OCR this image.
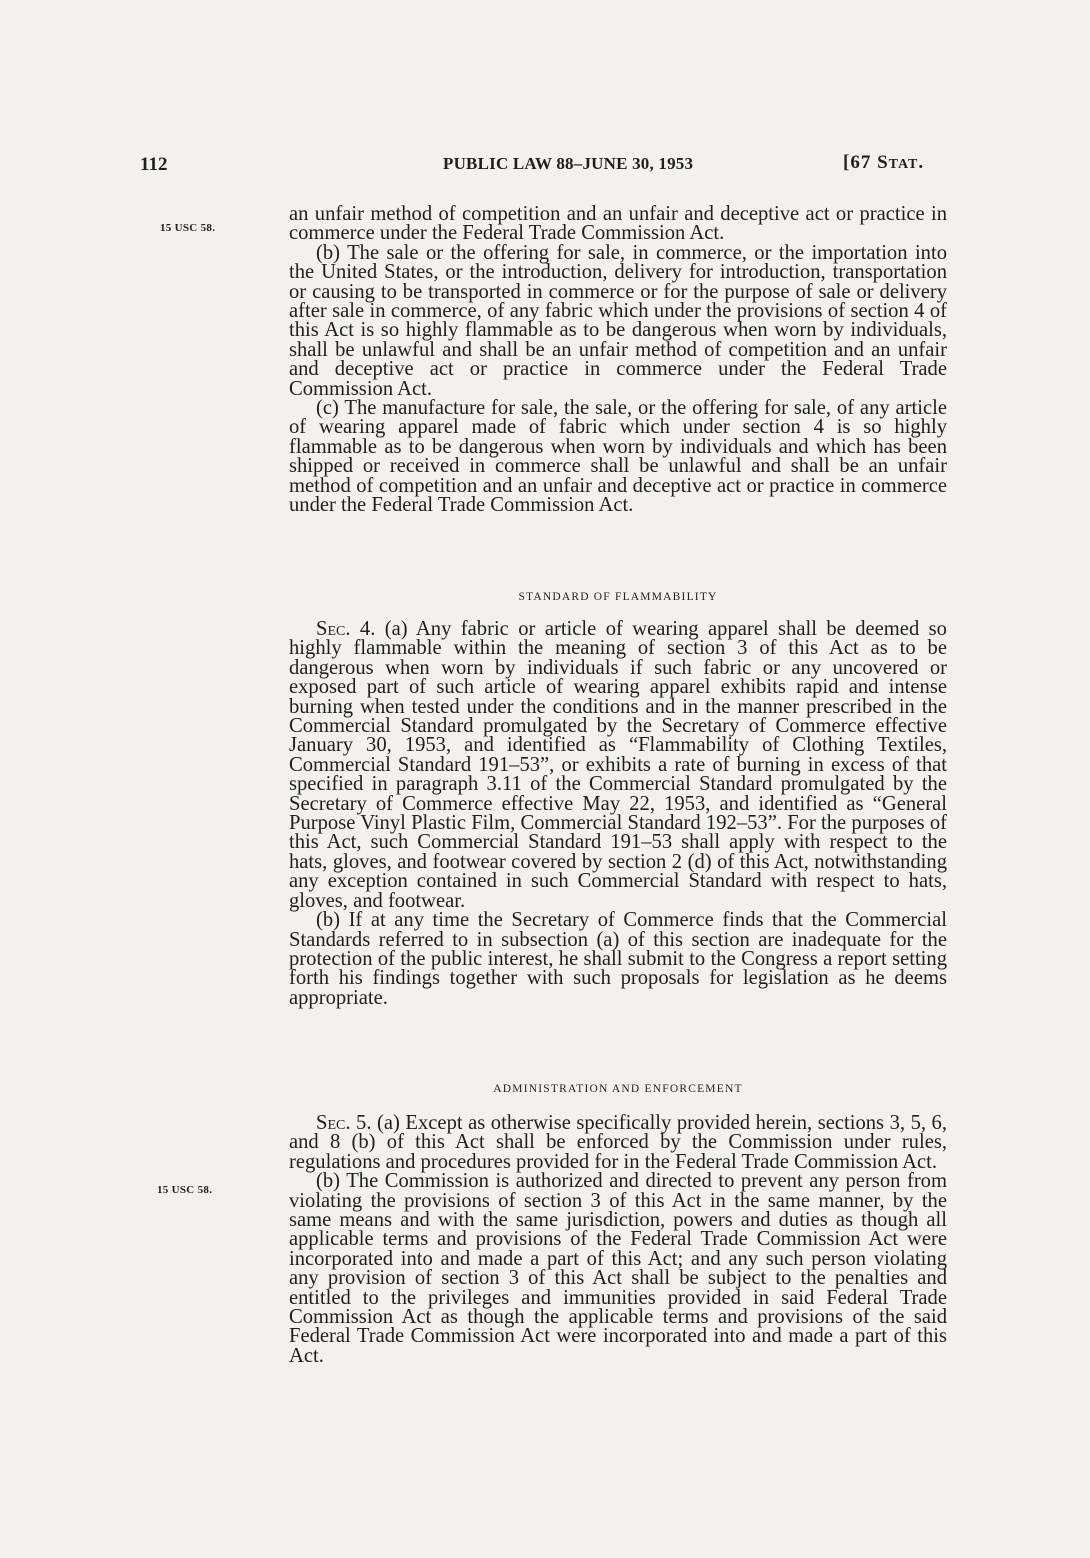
112	PUBLIC LAW 88–JUNE 30, 1953	[67 STAT.
15 USC 58.
15 USC 58.

an unfair method of competition and an unfair and deceptive act or practice in commerce under the Federal Trade Commission Act.

(b) The sale or the offering for sale, in commerce, or the importation into the United States, or the introduction, delivery for introduction, transportation or causing to be transported in commerce or for the purpose of sale or delivery after sale in commerce, of any fabric which under the provisions of section 4 of this Act is so highly flammable as to be dangerous when worn by individuals, shall be unlawful and shall be an unfair method of competition and an unfair and deceptive act or practice in commerce under the Federal Trade Commission Act.

(c) The manufacture for sale, the sale, or the offering for sale, of any article of wearing apparel made of fabric which under section 4 is so highly flammable as to be dangerous when worn by individuals and which has been shipped or received in commerce shall be unlawful and shall be an unfair method of competition and an unfair and deceptive act or practice in commerce under the Federal Trade Commission Act.

STANDARD OF FLAMMABILITY

Sec. 4. (a) Any fabric or article of wearing apparel shall be deemed so highly flammable within the meaning of section 3 of this Act as to be dangerous when worn by individuals if such fabric or any uncovered or exposed part of such article of wearing apparel exhibits rapid and intense burning when tested under the conditions and in the manner prescribed in the Commercial Standard promulgated by the Secretary of Commerce effective January 30, 1953, and identified as “Flammability of Clothing Textiles, Commercial Standard 191–53”, or exhibits a rate of burning in excess of that specified in paragraph 3.11 of the Commercial Standard promulgated by the Secretary of Commerce effective May 22, 1953, and identified as “General Purpose Vinyl Plastic Film, Commercial Standard 192–53”. For the purposes of this Act, such Commercial Standard 191–53 shall apply with respect to the hats, gloves, and footwear covered by section 2 (d) of this Act, notwithstanding any exception contained in such Commercial Standard with respect to hats, gloves, and footwear.

(b) If at any time the Secretary of Commerce finds that the Commercial Standards referred to in subsection (a) of this section are inadequate for the protection of the public interest, he shall submit to the Congress a report setting forth his findings together with such proposals for legislation as he deems appropriate.

ADMINISTRATION AND ENFORCEMENT

Sec. 5. (a) Except as otherwise specifically provided herein, sections 3, 5, 6, and 8 (b) of this Act shall be enforced by the Commission under rules, regulations and procedures provided for in the Federal Trade Commission Act.

(b) The Commission is authorized and directed to prevent any person from violating the provisions of section 3 of this Act in the same manner, by the same means and with the same jurisdiction, powers and duties as though all applicable terms and provisions of the Federal Trade Commission Act were incorporated into and made a part of this Act; and any such person violating any provision of section 3 of this Act shall be subject to the penalties and entitled to the privileges and immunities provided in said Federal Trade Commission Act as though the applicable terms and provisions of the said Federal Trade Commission Act were incorporated into and made a part of this Act.
